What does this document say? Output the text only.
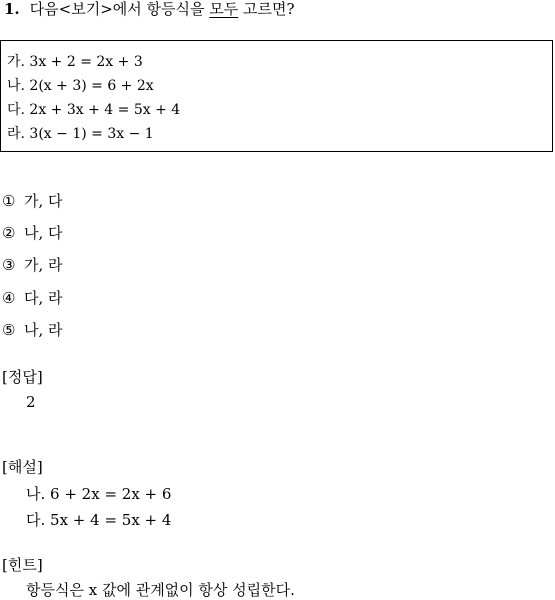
1. 다음<보기>에서 항등식을 모두 고르면?
가. 3x + 2 = 2x + 3
나. 2(x + 3) = 6 + 2x
다. 2x + 3x + 4 = 5x + 4
라. 3(x − 1) = 3x − 1
① 가, 다
② 나, 다
③ 가, 라
④ 다, 라
⑤ 나, 라
[정답]
2
[해설]
나. 6 + 2x = 2x + 6
다. 5x + 4 = 5x + 4
[힌트]
항등식은 x 값에 관계없이 항상 성립한다.
